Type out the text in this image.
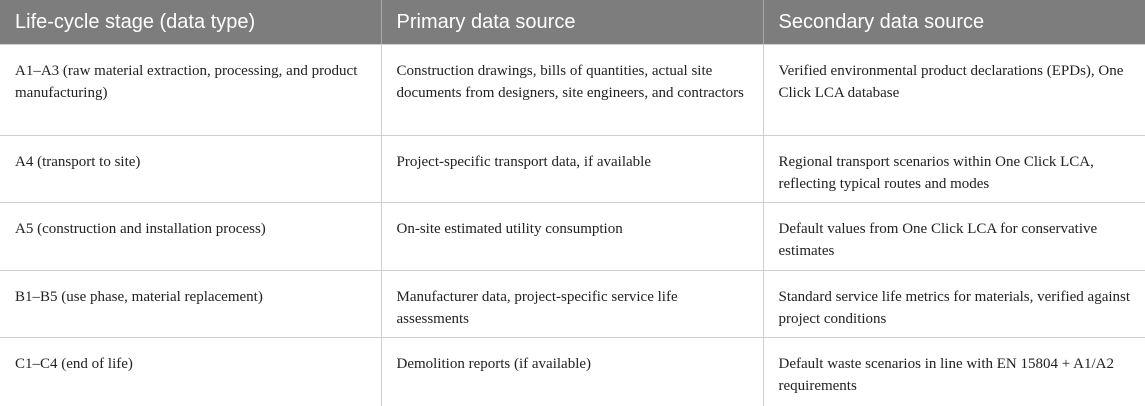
Life-cycle stage (data type)	Primary data source	Secondary data source
A1–A3 (raw material extraction, processing, and product manufacturing)	Construction drawings, bills of quantities, actual site documents from designers, site engineers, and contractors	Verified environmental product declarations (EPDs), One Click LCA database
A4 (transport to site)	Project-specific transport data, if available	Regional transport scenarios within One Click LCA, reflecting typical routes and modes
A5 (construction and installation process)	On-site estimated utility consumption	Default values from One Click LCA for conservative estimates
B1–B5 (use phase, material replacement)	Manufacturer data, project-specific service life assessments	Standard service life metrics for materials, verified against project conditions
C1–C4 (end of life)	Demolition reports (if available)	Default waste scenarios in line with EN 15804 + A1/A2 requirements
